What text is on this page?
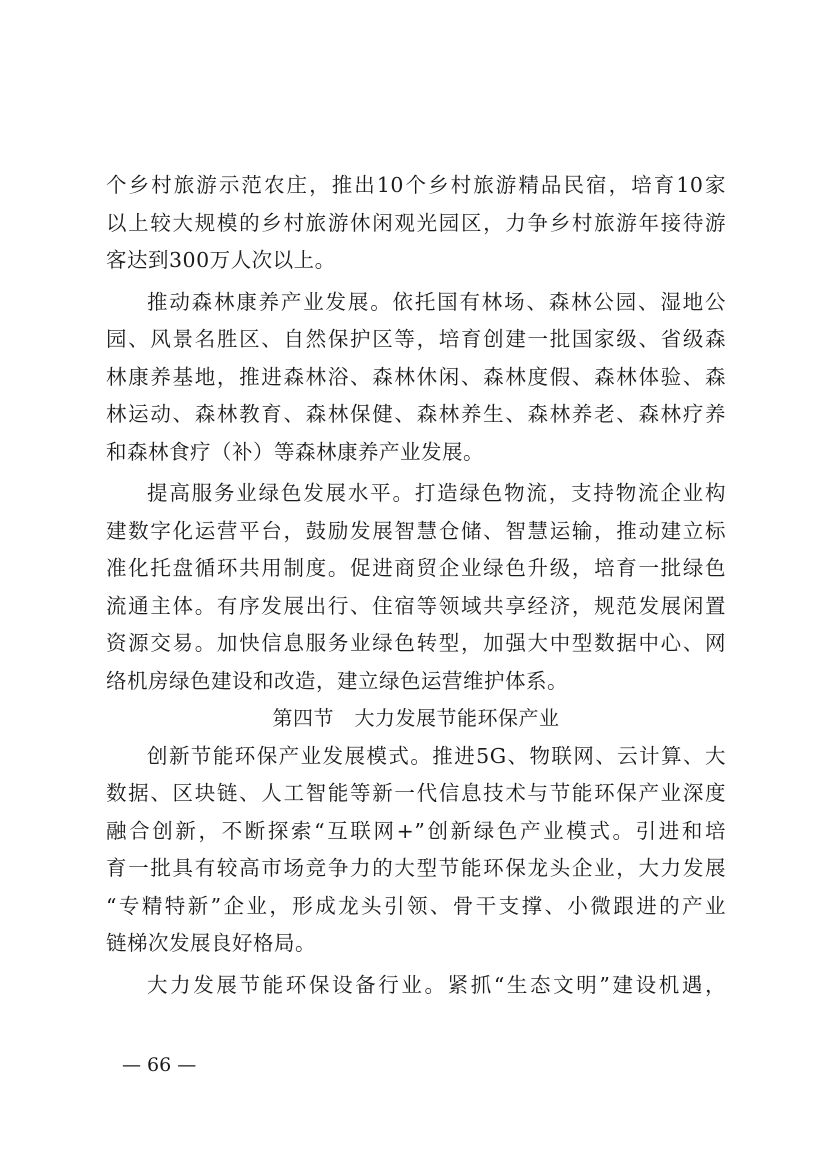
个乡村旅游示范农庄，推出10个乡村旅游精品民宿，培育10家
以上较大规模的乡村旅游休闲观光园区，力争乡村旅游年接待游
客达到300万人次以上。
推动森林康养产业发展。依托国有林场、森林公园、湿地公
园、风景名胜区、自然保护区等，培育创建一批国家级、省级森
林康养基地，推进森林浴、森林休闲、森林度假、森林体验、森
林运动、森林教育、森林保健、森林养生、森林养老、森林疗养
和森林食疗（补）等森林康养产业发展。
提高服务业绿色发展水平。打造绿色物流，支持物流企业构
建数字化运营平台，鼓励发展智慧仓储、智慧运输，推动建立标
准化托盘循环共用制度。促进商贸企业绿色升级，培育一批绿色
流通主体。有序发展出行、住宿等领域共享经济，规范发展闲置
资源交易。加快信息服务业绿色转型，加强大中型数据中心、网
络机房绿色建设和改造，建立绿色运营维护体系。
第四节　大力发展节能环保产业
创新节能环保产业发展模式。推进5G、物联网、云计算、大
数据、区块链、人工智能等新一代信息技术与节能环保产业深度
融合创新，不断探索“互联网+”创新绿色产业模式。引进和培
育一批具有较高市场竞争力的大型节能环保龙头企业，大力发展
“专精特新”企业，形成龙头引领、骨干支撑、小微跟进的产业
链梯次发展良好格局。
大力发展节能环保设备行业。紧抓“生态文明”建设机遇，
— 66 —
